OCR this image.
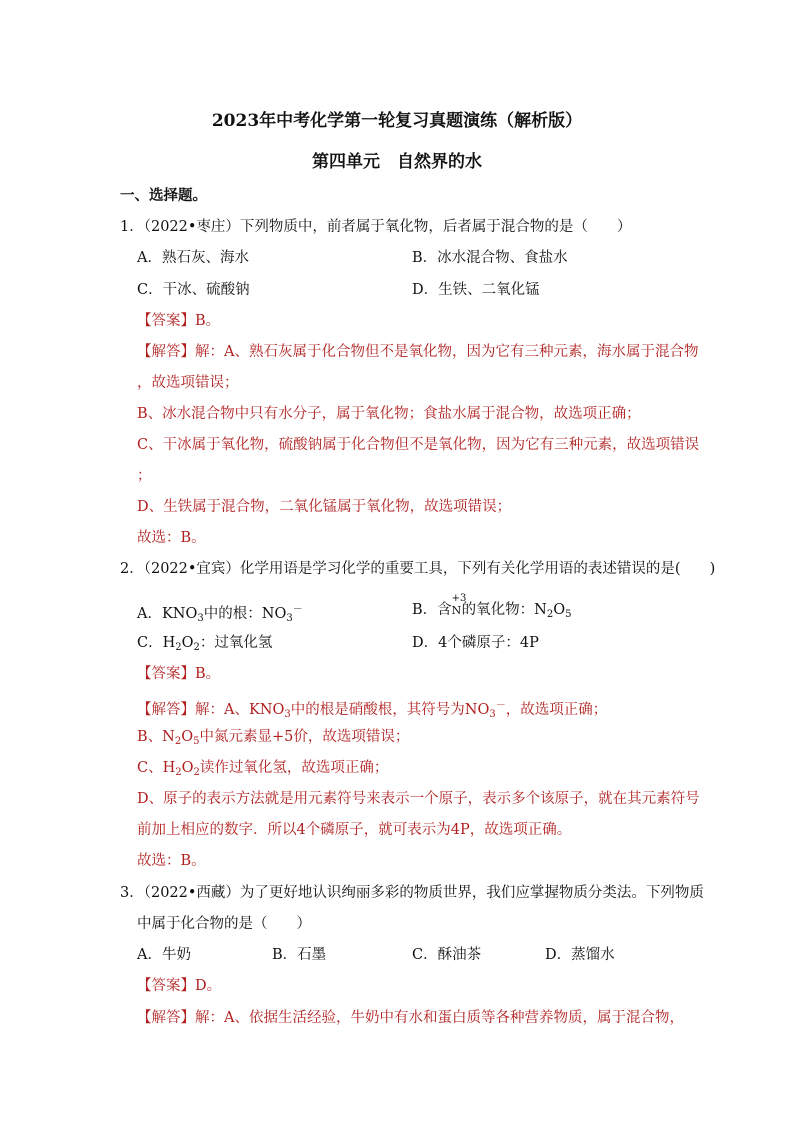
2023年中考化学第一轮复习真题演练（解析版）
第四单元　自然界的水
一、选择题。
1．（2022•枣庄）下列物质中，前者属于氧化物，后者属于混合物的是（　　）
A．熟石灰、海水	B．冰水混合物、食盐水
C．干冰、硫酸钠	D．生铁、二氧化锰
【答案】B。
【解答】解：A、熟石灰属于化合物但不是氧化物，因为它有三种元素，海水属于混合物
，故选项错误；
B、冰水混合物中只有水分子，属于氧化物；食盐水属于混合物，故选项正确；
C、干冰属于氧化物，硫酸钠属于化合物但不是氧化物，因为它有三种元素，故选项错误
；
D、生铁属于混合物，二氧化锰属于氧化物，故选项错误；
故选：B。
2．（2022•宜宾）化学用语是学习化学的重要工具，下列有关化学用语的表述错误的是(　　)
A．$KNO_3$中的根：$NO_3^-$	B．含
+3
N的氧化物：$N_2O_5$
C．$H_2O_2$：过氧化氢	D．4个磷原子：4P
【答案】B。
【解答】解：A、$KNO_3$中的根是硝酸根，其符号为$NO_3^-$，故选项正确；
B、$N_2O_5$中氮元素显+5价，故选项错误；
C、$H_2O_2$读作过氧化氢，故选项正确；
D、原子的表示方法就是用元素符号来表示一个原子，表示多个该原子，就在其元素符号
前加上相应的数字．所以4个磷原子，就可表示为4P，故选项正确。
故选：B。
3．（2022•西藏）为了更好地认识绚丽多彩的物质世界，我们应掌握物质分类法。下列物质
中属于化合物的是（　　）
A．牛奶	B．石墨	C．酥油茶	D．蒸馏水
【答案】D。
【解答】解：A、依据生活经验，牛奶中有水和蛋白质等各种营养物质，属于混合物，
